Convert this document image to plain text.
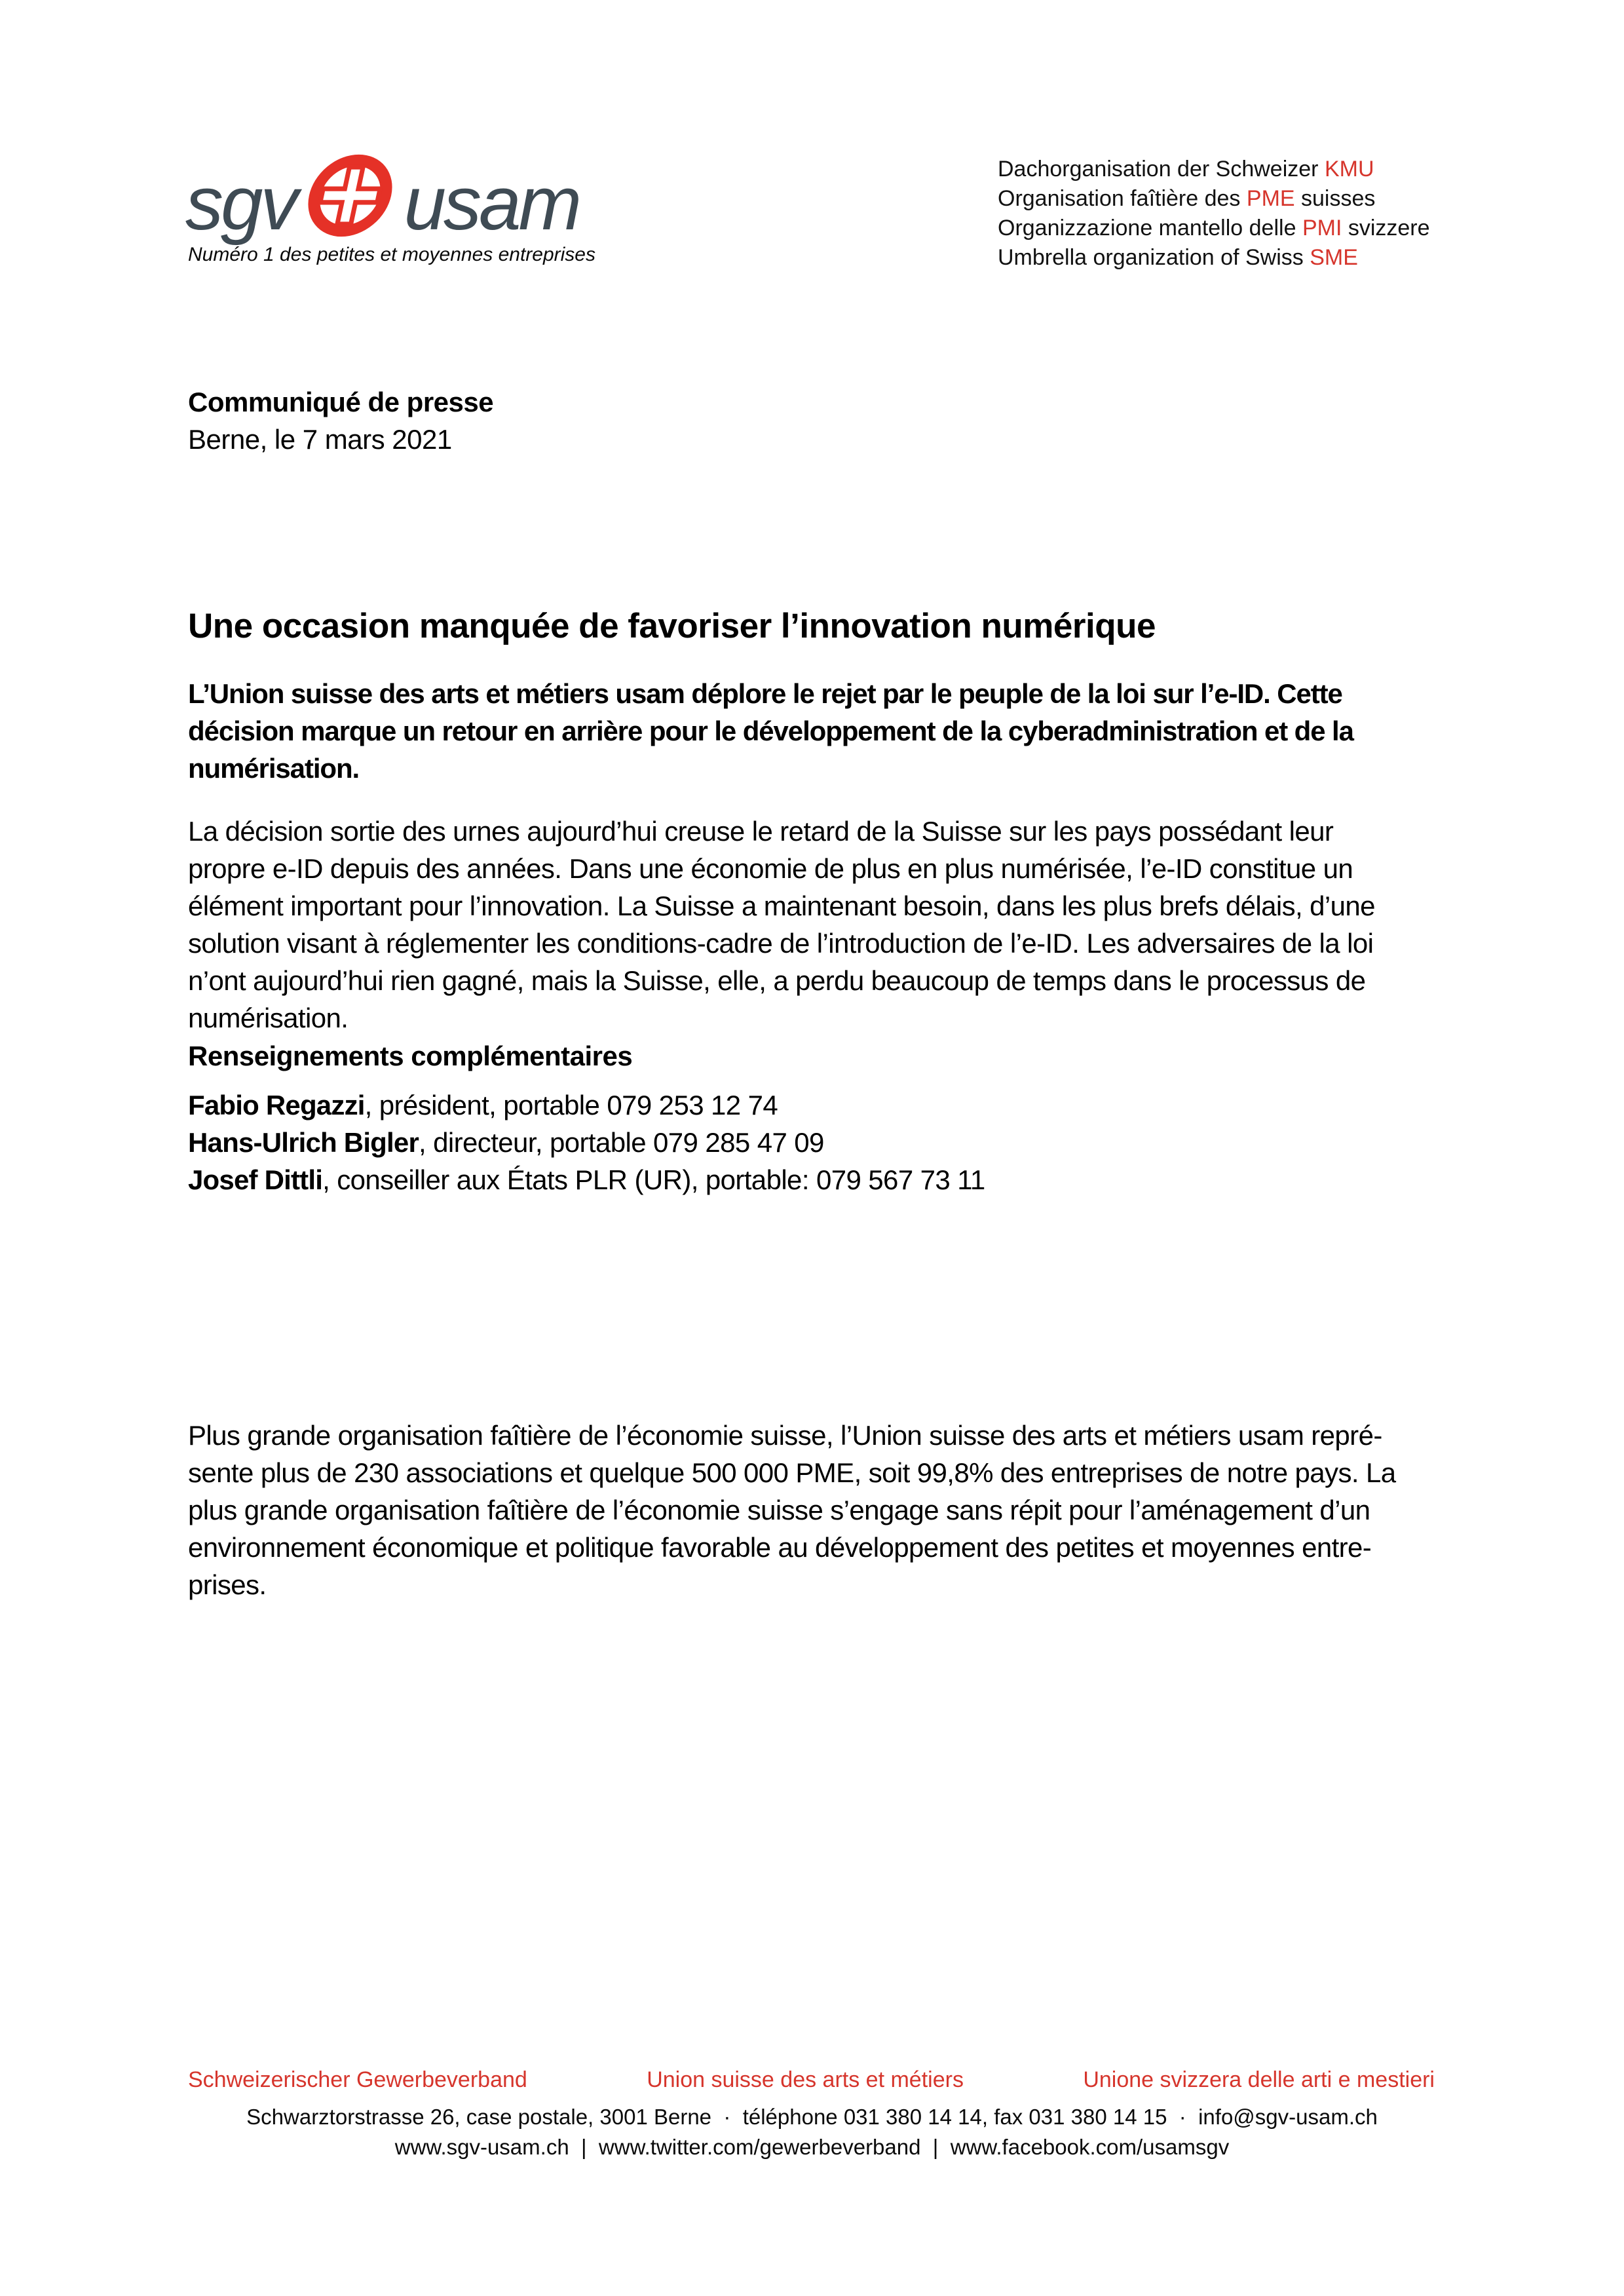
sgv usam
Numéro 1 des petites et moyennes entreprises
Dachorganisation der Schweizer KMU
Organisation faîtière des PME suisses
Organizzazione mantello delle PMI svizzere
Umbrella organization of Swiss SME
Communiqué de presse
Berne, le 7 mars 2021
Une occasion manquée de favoriser l’innovation numérique
L’Union suisse des arts et métiers usam déplore le rejet par le peuple de la loi sur l’e-ID. Cette
décision marque un retour en arrière pour le développement de la cyberadministration et de la
numérisation.
La décision sortie des urnes aujourd’hui creuse le retard de la Suisse sur les pays possédant leur
propre e-ID depuis des années. Dans une économie de plus en plus numérisée, l’e-ID constitue un
élément important pour l’innovation. La Suisse a maintenant besoin, dans les plus brefs délais, d’une
solution visant à réglementer les conditions-cadre de l’introduction de l’e-ID. Les adversaires de la loi
n’ont aujourd’hui rien gagné, mais la Suisse, elle, a perdu beaucoup de temps dans le processus de
numérisation.
Renseignements complémentaires
Fabio Regazzi, président, portable 079 253 12 74
Hans-Ulrich Bigler, directeur, portable 079 285 47 09
Josef Dittli, conseiller aux États PLR (UR), portable: 079 567 73 11
Plus grande organisation faîtière de l’économie suisse, l’Union suisse des arts et métiers usam repré-
sente plus de 230 associations et quelque 500 000 PME, soit 99,8% des entreprises de notre pays. La
plus grande organisation faîtière de l’économie suisse s’engage sans répit pour l’aménagement d’un
environnement économique et politique favorable au développement des petites et moyennes entre-
prises.
Schweizerischer Gewerbeverband	Union suisse des arts et métiers	Unione svizzera delle arti e mestieri
Schwarztorstrasse 26, case postale, 3001 Berne  ·  téléphone 031 380 14 14, fax 031 380 14 15  ·  info@sgv-usam.ch
www.sgv-usam.ch  |  www.twitter.com/gewerbeverband  |  www.facebook.com/usamsgv
